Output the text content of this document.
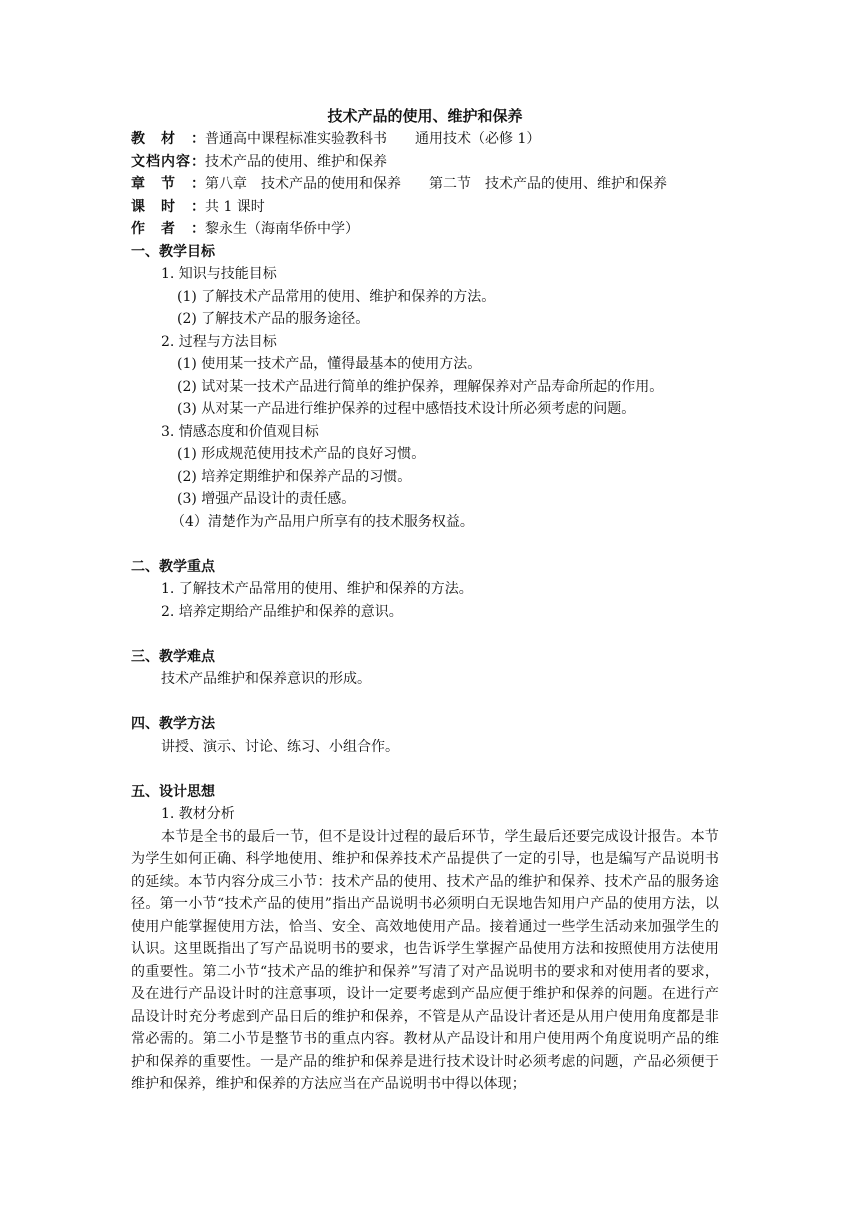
技术产品的使用、维护和保养
教材：普通高中课程标准实验教科书 通用技术（必修 1）
文档内容：技术产品的使用、维护和保养
章节：第八章　技术产品的使用和保养 第二节　技术产品的使用、维护和保养
课时：共 1 课时
作者：黎永生（海南华侨中学）
一、教学目标
1. 知识与技能目标
(1) 了解技术产品常用的使用、维护和保养的方法。
(2) 了解技术产品的服务途径。
2. 过程与方法目标
(1) 使用某一技术产品，懂得最基本的使用方法。
(2) 试对某一技术产品进行简单的维护保养，理解保养对产品寿命所起的作用。
(3) 从对某一产品进行维护保养的过程中感悟技术设计所必须考虑的问题。
3. 情感态度和价值观目标
(1) 形成规范使用技术产品的良好习惯。
(2) 培养定期维护和保养产品的习惯。
(3) 增强产品设计的责任感。
（4）清楚作为产品用户所享有的技术服务权益。
二、教学重点
1. 了解技术产品常用的使用、维护和保养的方法。
2. 培养定期给产品维护和保养的意识。
三、教学难点
技术产品维护和保养意识的形成。
四、教学方法
讲授、演示、讨论、练习、小组合作。
五、设计思想
1. 教材分析

本节是全书的最后一节，但不是设计过程的最后环节，学生最后还要完成设计报告。本节为学生如何正确、科学地使用、维护和保养技术产品提供了一定的引导，也是编写产品说明书的延续。本节内容分成三小节：技术产品的使用、技术产品的维护和保养、技术产品的服务途径。第一小节“技术产品的使用”指出产品说明书必须明白无误地告知用户产品的使用方法，以使用户能掌握使用方法，恰当、安全、高效地使用产品。接着通过一些学生活动来加强学生的认识。这里既指出了写产品说明书的要求，也告诉学生掌握产品使用方法和按照使用方法使用的重要性。第二小节“技术产品的维护和保养”写清了对产品说明书的要求和对使用者的要求，及在进行产品设计时的注意事项，设计一定要考虑到产品应便于维护和保养的问题。在进行产品设计时充分考虑到产品日后的维护和保养，不管是从产品设计者还是从用户使用角度都是非常必需的。第二小节是整节书的重点内容。教材从产品设计和用户使用两个角度说明产品的维护和保养的重要性。一是产品的维护和保养是进行技术设计时必须考虑的问题，产品必须便于维护和保养，维护和保养的方法应当在产品说明书中得以体现；
